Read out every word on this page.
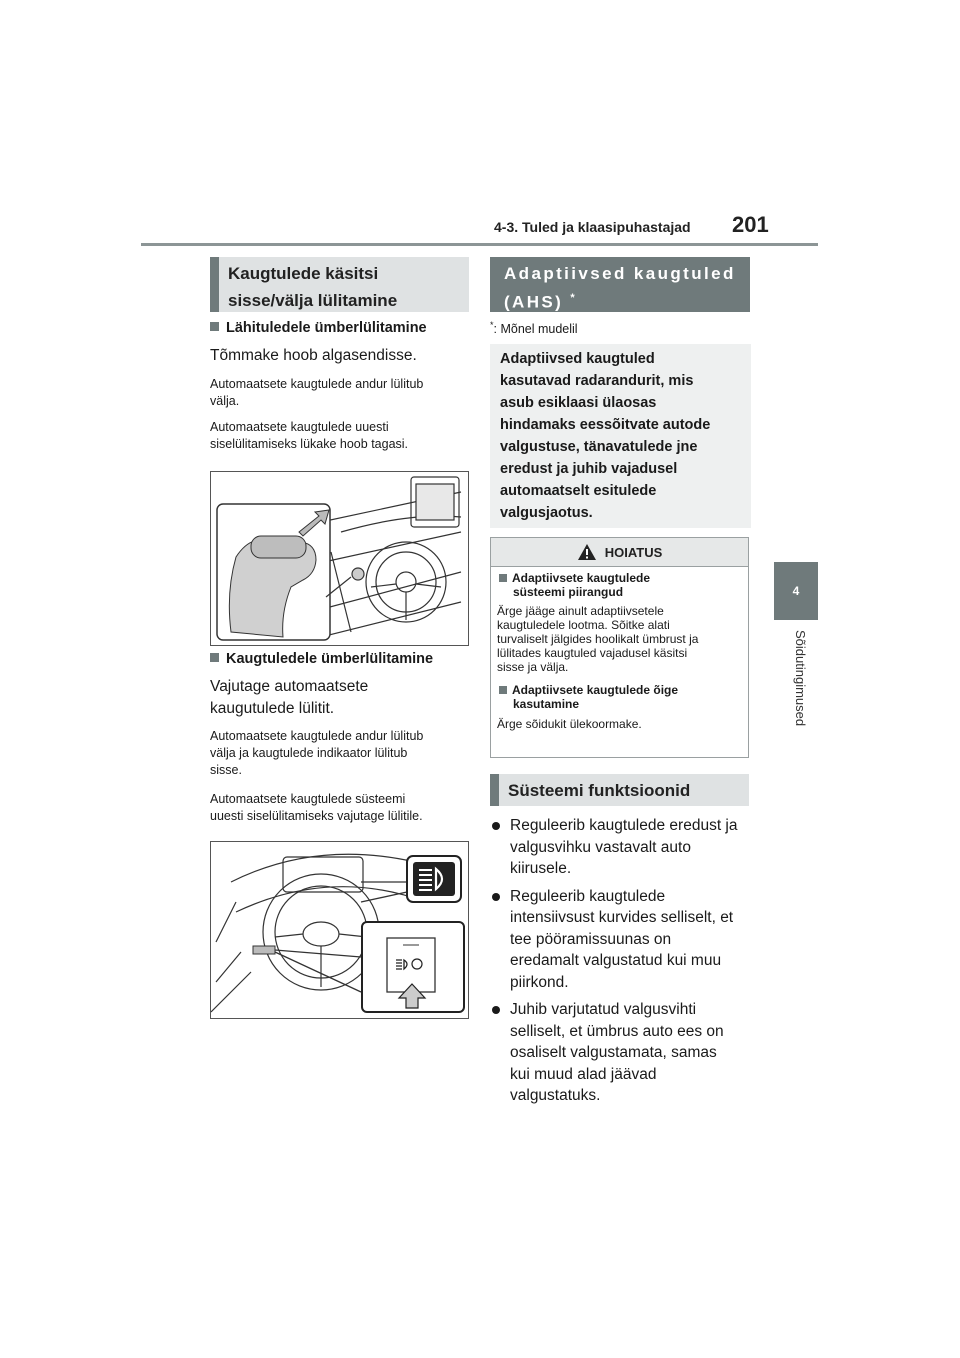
4-3. Tuled ja klaasipuhastajad 201
4
Sõidutingimused
Kaugtulede käsitsi
sisse/välja lülitamine
Lähituledele ümberlülitamine
Tõmmake hoob algasendisse.
Automaatsete kaugtulede andur lülitub
välja.
Automaatsete kaugtulede uuesti
siselülitamiseks lükake hoob tagasi.
Kaugtuledele ümberlülitamine
Vajutage automaatsete
kaugutulede lülitit.
Automaatsete kaugtulede andur lülitub
välja ja kaugtulede indikaator lülitub
sisse.
Automaatsete kaugtulede süsteemi
uuesti siselülitamiseks vajutage lülitile.
Adaptiivsed kaugtuled
(AHS) *
*: Mõnel mudelil
Adaptiivsed kaugtuled
kasutavad radarandurit, mis
asub esiklaasi ülaosas
hindamaks eessõitvate autode
valgustuse, tänavatulede jne
eredust ja juhib vajadusel
automaatselt esitulede
valgusjaotus.
HOIATUS
Adaptiivsete kaugtulede
süsteemi piirangud
Ärge jääge ainult adaptiivsetele
kaugtuledele lootma. Sõitke alati
turvaliselt jälgides hoolikalt ümbrust ja
lülitades kaugtuled vajadusel käsitsi
sisse ja välja.
Adaptiivsete kaugtulede õige
kasutamine
Ärge sõidukit ülekoormake.
Süsteemi funktsioonid
Reguleerib kaugtulede eredust ja
valgusvihku vastavalt auto
kiirusele.
Reguleerib kaugtulede
intensiivsust kurvides selliselt, et
tee pööramissuunas on
eredamalt valgustatud kui muu
piirkond.
Juhib varjutatud valgusvihti
selliselt, et ümbrus auto ees on
osaliselt valgustamata, samas
kui muud alad jäävad
valgustatuks.
